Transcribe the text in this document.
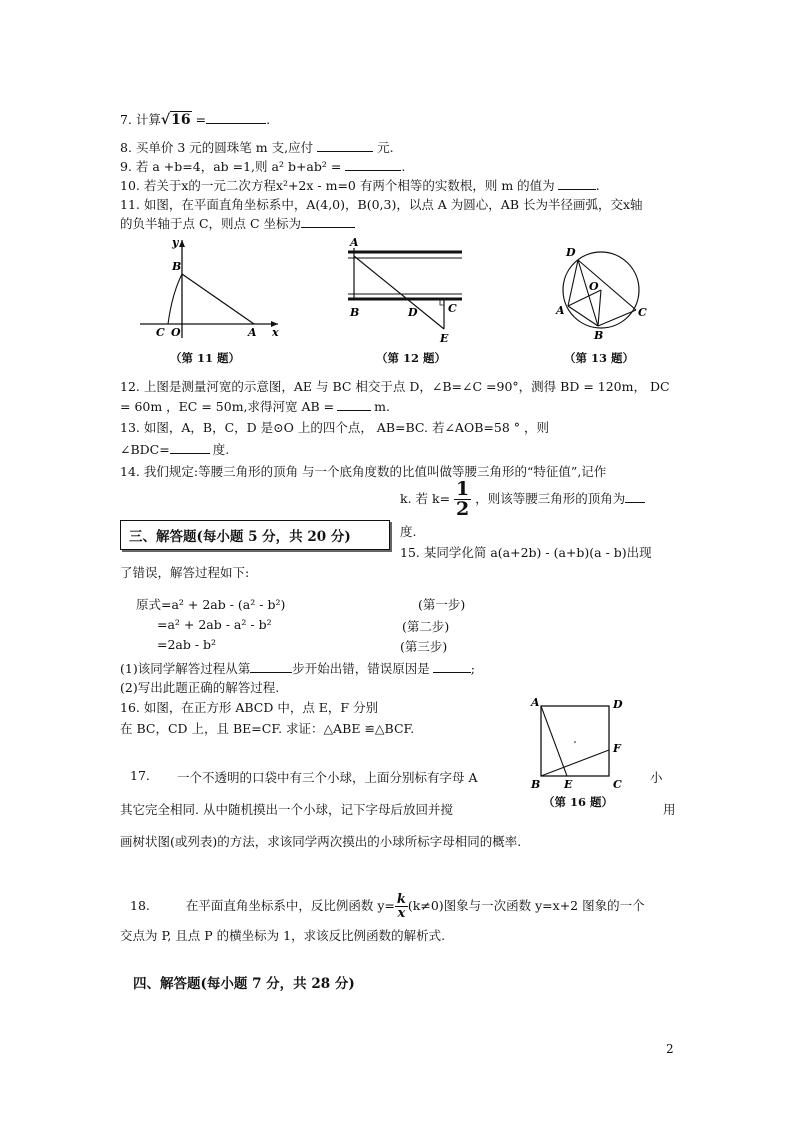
7. 计算√16 =	.
8. 买单价 3 元的圆珠笔 m 支,应付	元.
9. 若 a +b=4，ab =1,则 a² b+ab² =	.
10. 若关于x的一元二次方程x²+2x - m=0 有两个相等的实数根，则 m 的值为	.
11. 如图，在平面直角坐标系中，A(4,0)，B(0,3)，以点 A 为圆心，AB 长为半径画弧，交x轴
的负半轴于点 C，则点 C 坐标为
y
x
B
C O	A
A
B	D	C
E
D
O
A
B
C
（第 11 题）	（第 12 题）	（第 13 题）
12. 上图是测量河宽的示意图，AE 与 BC 相交于点 D，∠B=∠C =90°，测得 BD = 120m， DC
= 60m ，EC = 50m,求得河宽 AB =	m.
13. 如图，A，B，C，D 是⊙O 上的四个点， AB=BC. 若∠AOB=58 ° ，则
∠BDC=	度.
14. 我们规定:等腰三角形的顶角 与一个底角度数的比值叫做等腰三角形的“特征值”,记作
k. 若 $k= \frac{1}{2}$ ，则该等腰三角形的顶角为
度.
三、解答题(每小题 5 分，共 20 分)
15. 某同学化简 a(a+2b) - (a+b)(a - b)出现
了错误，解答过程如下:
原式=a² + 2ab - (a² - b²)	(第一步)
=a² + 2ab - a² - b²	(第二步)
=2ab - b²	(第三步)
(1)该同学解答过程从第	步开始出错，错误原因是	;
(2)写出此题正确的解答过程.
16. 如图，在正方形 ABCD 中，点 E，F 分别
在 BC，CD 上，且 BE=CF. 求证：△ABE ≌△BCF.
A	D
F
B E	C
（第 16 题）
17. 一个不透明的口袋中有三个小球，上面分别标有字母 A	小
其它完全相同. 从中随机摸出一个小球，记下字母后放回并搅	用
画树状图(或列表)的方法，求该同学两次摸出的小球所标字母相同的概率.
18.	在平面直角坐标系中，反比例函数 $y= \frac{k}{x} (k\ne 0)$图象与一次函数 y=x+2 图象的一个
交点为 P, 且点 P 的横坐标为 1，求该反比例函数的解析式.
四、解答题(每小题 7 分，共 28 分)
2
